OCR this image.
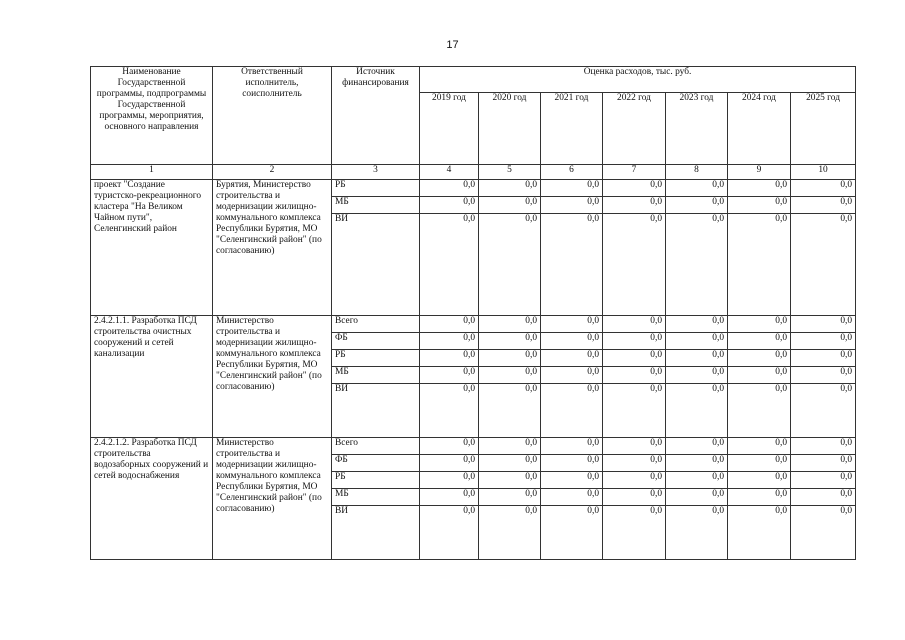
17
Наименование Государственной программы, подпрограммы Государственной программы, мероприятия, основного направления	Ответственный исполнитель, соисполнитель	Источник финансирования	Оценка расходов, тыс. руб.						
			2019 год	2020 год	2021 год	2022 год	2023 год	2024 год	2025 год
1	2	3	4	5	6	7	8	9	10
проект "Создание туристско-рекреационного кластера "На Великом Чайном пути", Селенгинский район	Бурятия, Министерство строительства и модернизации жилищно-коммунального комплекса Республики Бурятия, МО "Селенгинский район" (по согласованию)	РБ	0,0	0,0	0,0	0,0	0,0	0,0	0,0
		МБ	0,0	0,0	0,0	0,0	0,0	0,0	0,0
		ВИ	0,0	0,0	0,0	0,0	0,0	0,0	0,0
2.4.2.1.1. Разработка ПСД строительства очистных сооружений и сетей канализации	Министерство строительства и модернизации жилищно-коммунального комплекса Республики Бурятия, МО "Селенгинский район" (по согласованию)	Всего	0,0	0,0	0,0	0,0	0,0	0,0	0,0
		ФБ	0,0	0,0	0,0	0,0	0,0	0,0	0,0
		РБ	0,0	0,0	0,0	0,0	0,0	0,0	0,0
		МБ	0,0	0,0	0,0	0,0	0,0	0,0	0,0
		ВИ	0,0	0,0	0,0	0,0	0,0	0,0	0,0
2.4.2.1.2. Разработка ПСД строительства водозаборных сооружений и сетей водоснабжения	Министерство строительства и модернизации жилищно-коммунального комплекса Республики Бурятия, МО "Селенгинский район" (по согласованию)	Всего	0,0	0,0	0,0	0,0	0,0	0,0	0,0
		ФБ	0,0	0,0	0,0	0,0	0,0	0,0	0,0
		РБ	0,0	0,0	0,0	0,0	0,0	0,0	0,0
		МБ	0,0	0,0	0,0	0,0	0,0	0,0	0,0
		ВИ	0,0	0,0	0,0	0,0	0,0	0,0	0,0
